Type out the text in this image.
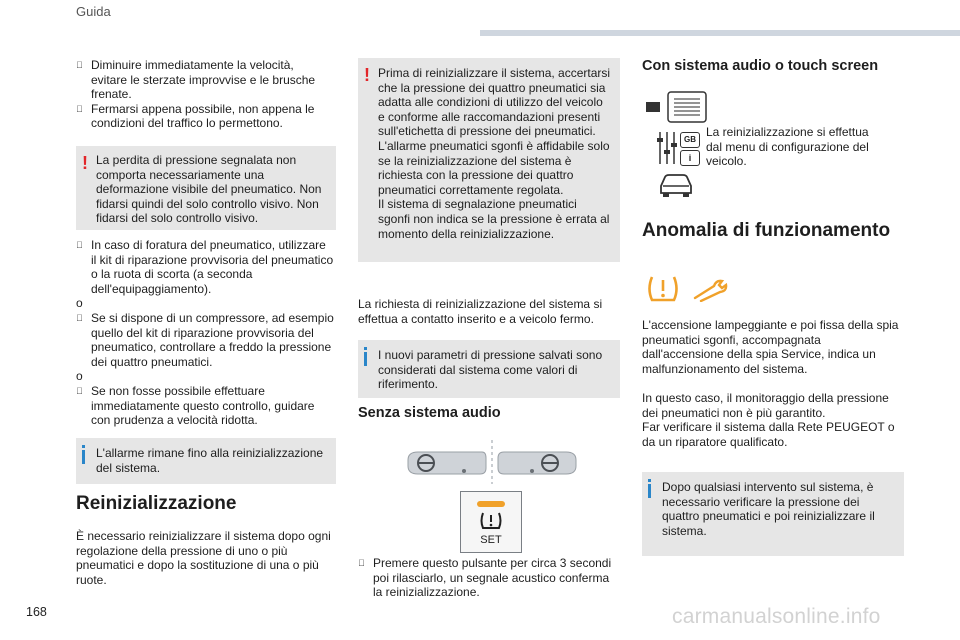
Guida
168	carmanualsonline.info
Diminuire immediatamente la velocità, evitare le sterzate improvvise e le brusche frenate.
Fermarsi appena possibile, non appena le condizioni del traffico lo permettono.
! La perdita di pressione segnalata non comporta necessariamente una deformazione visibile del pneumatico. Non fidarsi quindi del solo controllo visivo. Non fidarsi del solo controllo visivo.

In caso di foratura del pneumatico, utilizzare il kit di riparazione provvisoria del pneumatico o la ruota di scorta (a seconda dell'equipaggiamento).

o

Se si dispone di un compressore, ad esempio quello del kit di riparazione provvisoria del pneumatico, controllare a freddo la pressione dei quattro pneumatici.

o

Se non fosse possibile effettuare immediatamente questo controllo, guidare con prudenza a velocità ridotta.

L'allarme rimane fino alla reinizializzazione del sistema.

Reinizializzazione

È necessario reinizializzare il sistema dopo ogni regolazione della pressione di uno o più pneumatici e dopo la sostituzione di una o più ruote.

! Prima di reinizializzare il sistema, accertarsi che la pressione dei quattro pneumatici sia adatta alle condizioni di utilizzo del veicolo e conforme alle raccomandazioni presenti sull'etichetta di pressione dei pneumatici.

L'allarme pneumatici sgonfi è affidabile solo se la reinizializzazione del sistema è richiesta con la pressione dei quattro pneumatici correttamente regolata.

Il sistema di segnalazione pneumatici sgonfi non indica se la pressione è errata al momento della reinizializzazione.

La richiesta di reinizializzazione del sistema si effettua a contatto inserito e a veicolo fermo.

I nuovi parametri di pressione salvati sono considerati dal sistema come valori di riferimento.

Senza sistema audio
SET
Premere questo pulsante per circa 3 secondi poi rilasciarlo, un segnale acustico conferma la reinizializzazione.
Con sistema audio o touch screen
GB
i

La reinizializzazione si effettua dal menu di configurazione del veicolo.

Anomalia di funzionamento

L'accensione lampeggiante e poi fissa della spia pneumatici sgonfi, accompagnata dall'accensione della spia Service, indica un malfunzionamento del sistema.

In questo caso, il monitoraggio della pressione dei pneumatici non è più garantito.

Far verificare il sistema dalla Rete PEUGEOT o da un riparatore qualificato.

Dopo qualsiasi intervento sul sistema, è necessario verificare la pressione dei quattro pneumatici e poi reinizializzare il sistema.
